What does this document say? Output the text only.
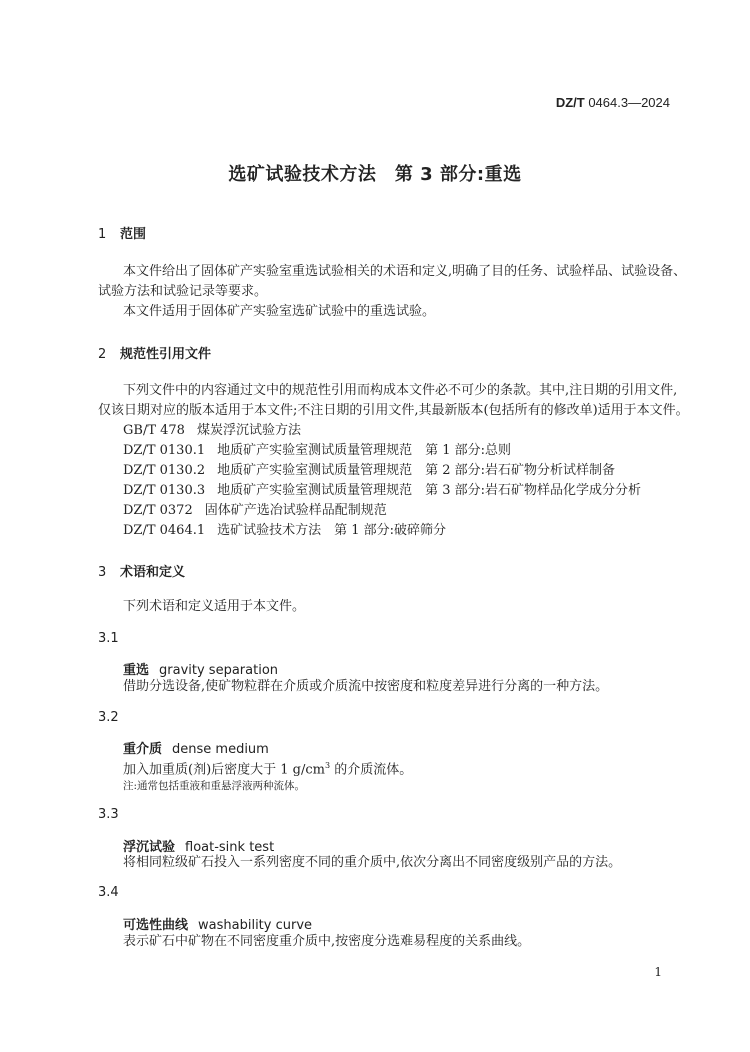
DZ/T 0464.3—2024
选矿试验技术方法　第 3 部分:重选
1 范围
本文件给出了固体矿产实验室重选试验相关的术语和定义,明确了目的任务、试验样品、试验设备、
试验方法和试验记录等要求。
本文件适用于固体矿产实验室选矿试验中的重选试验。
2 规范性引用文件
下列文件中的内容通过文中的规范性引用而构成本文件必不可少的条款。其中,注日期的引用文件,
仅该日期对应的版本适用于本文件;不注日期的引用文件,其最新版本(包括所有的修改单)适用于本文件。
GB/T 478 煤炭浮沉试验方法
DZ/T 0130.1 地质矿产实验室测试质量管理规范　第 1 部分:总则
DZ/T 0130.2 地质矿产实验室测试质量管理规范　第 2 部分:岩石矿物分析试样制备
DZ/T 0130.3 地质矿产实验室测试质量管理规范　第 3 部分:岩石矿物样品化学成分分析
DZ/T 0372 固体矿产选冶试验样品配制规范
DZ/T 0464.1 选矿试验技术方法　第 1 部分:破碎筛分
3 术语和定义
下列术语和定义适用于本文件。
3.1
重选 gravity separation
借助分选设备,使矿物粒群在介质或介质流中按密度和粒度差异进行分离的一种方法。
3.2
重介质 dense medium
加入加重质(剂)后密度大于 1 $g/cm^3$ 的介质流体。
注:通常包括重液和重悬浮液两种流体。
3.3
浮沉试验 float-sink test
将相同粒级矿石投入一系列密度不同的重介质中,依次分离出不同密度级别产品的方法。
3.4
可选性曲线 washability curve
表示矿石中矿物在不同密度重介质中,按密度分选难易程度的关系曲线。
1
